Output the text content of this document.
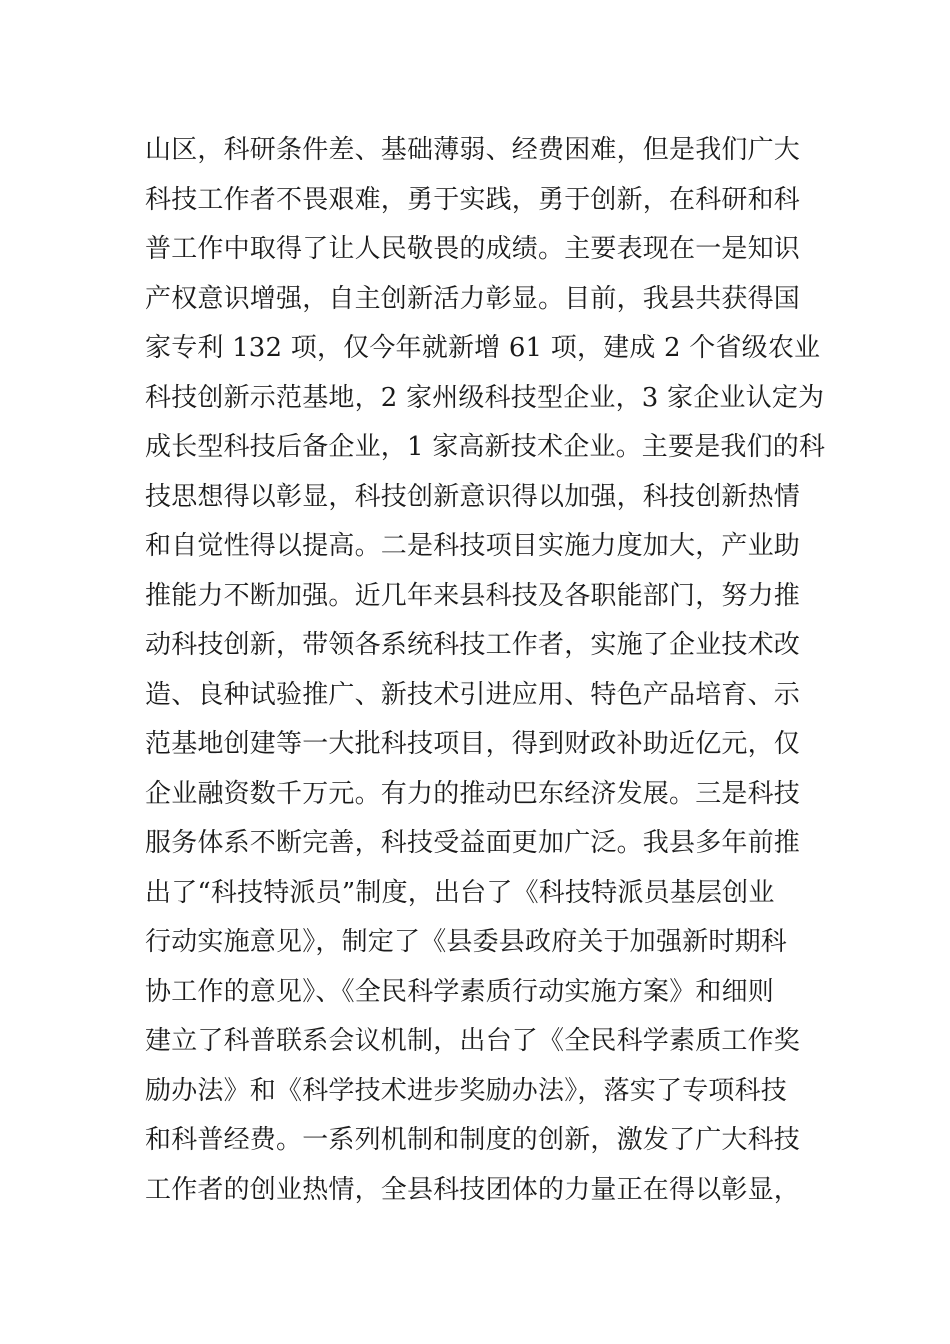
山区，科研条件差、基础薄弱、经费困难，但是我们广大
科技工作者不畏艰难，勇于实践，勇于创新，在科研和科
普工作中取得了让人民敬畏的成绩。主要表现在一是知识
产权意识增强，自主创新活力彰显。目前，我县共获得国
家专利 132 项，仅今年就新增 61 项，建成 2 个省级农业
科技创新示范基地，2 家州级科技型企业，3 家企业认定为
成长型科技后备企业，1 家高新技术企业。主要是我们的科
技思想得以彰显，科技创新意识得以加强，科技创新热情
和自觉性得以提高。二是科技项目实施力度加大，产业助
推能力不断加强。近几年来县科技及各职能部门，努力推
动科技创新，带领各系统科技工作者，实施了企业技术改
造、良种试验推广、新技术引进应用、特色产品培育、示
范基地创建等一大批科技项目，得到财政补助近亿元，仅
企业融资数千万元。有力的推动巴东经济发展。三是科技
服务体系不断完善，科技受益面更加广泛。我县多年前推
出了“科技特派员”制度，出台了《科技特派员基层创业
行动实施意见》，制定了《县委县政府关于加强新时期科
协工作的意见》、《全民科学素质行动实施方案》和细则
建立了科普联系会议机制，出台了《全民科学素质工作奖
励办法》和《科学技术进步奖励办法》，落实了专项科技
和科普经费。一系列机制和制度的创新，激发了广大科技
工作者的创业热情，全县科技团体的力量正在得以彰显，
